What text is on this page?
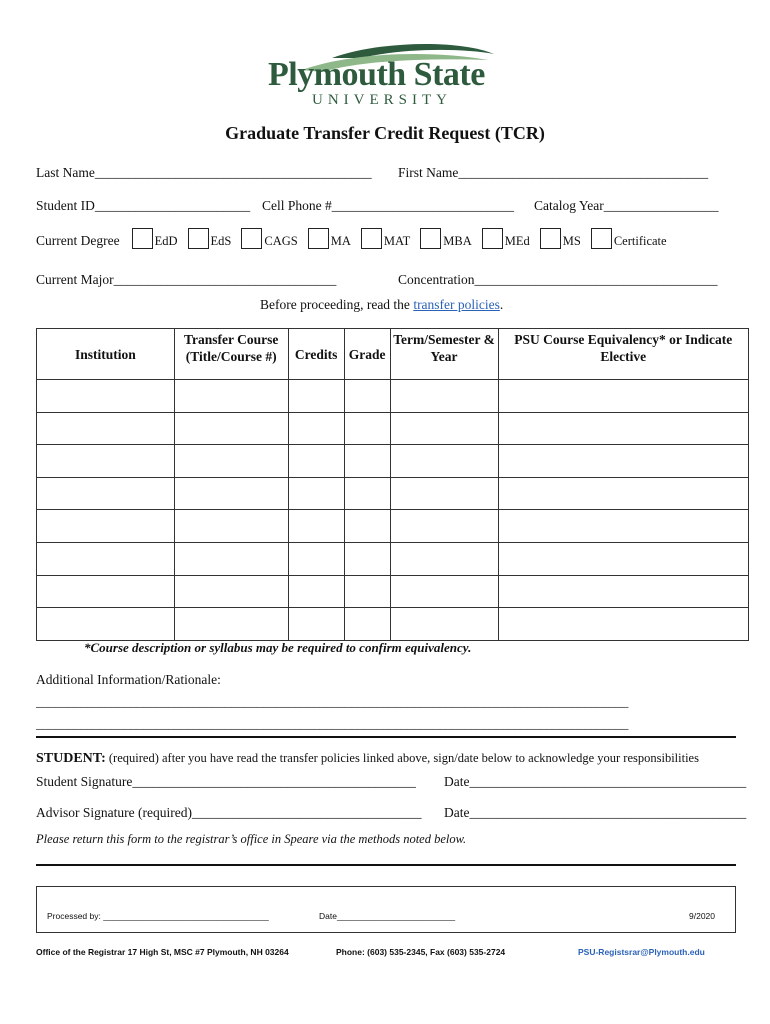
Plymouth State
UNIVERSITY
Graduate Transfer Credit Request (TCR)
Last Name_________________________________________ First Name_____________________________________
Student ID_______________________ Cell Phone #___________________________ Catalog Year_________________
Current Degree	EdD	EdS	CAGS	MA	MAT	MBA	MEd	MS	Certificate
Current Major_________________________________	Concentration____________________________________
Before proceeding, read the transfer policies.
Institution	Transfer Course (Title/Course #)	Credits	Grade	Term/Semester & Year	PSU Course Equivalency* or Indicate Elective

*Course description or syllabus may be required to confirm equivalency.
Additional Information/Rationale:
______________________________________________________________________________________________
______________________________________________________________________________________________
STUDENT: (required) after you have read the transfer policies linked above, sign/date below to acknowledge your responsibilities
Student Signature__________________________________________ Date_________________________________________
Advisor Signature (required)__________________________________ Date_________________________________________
Please return this form to the registrar’s office in Speare via the methods noted below.
Processed by: ___________________________________	Date_________________________	9/2020
Office of the Registrar 17 High St, MSC #7 Plymouth, NH 03264	Phone: (603) 535-2345, Fax (603) 535-2724	PSU-Registsrar@Plymouth.edu
